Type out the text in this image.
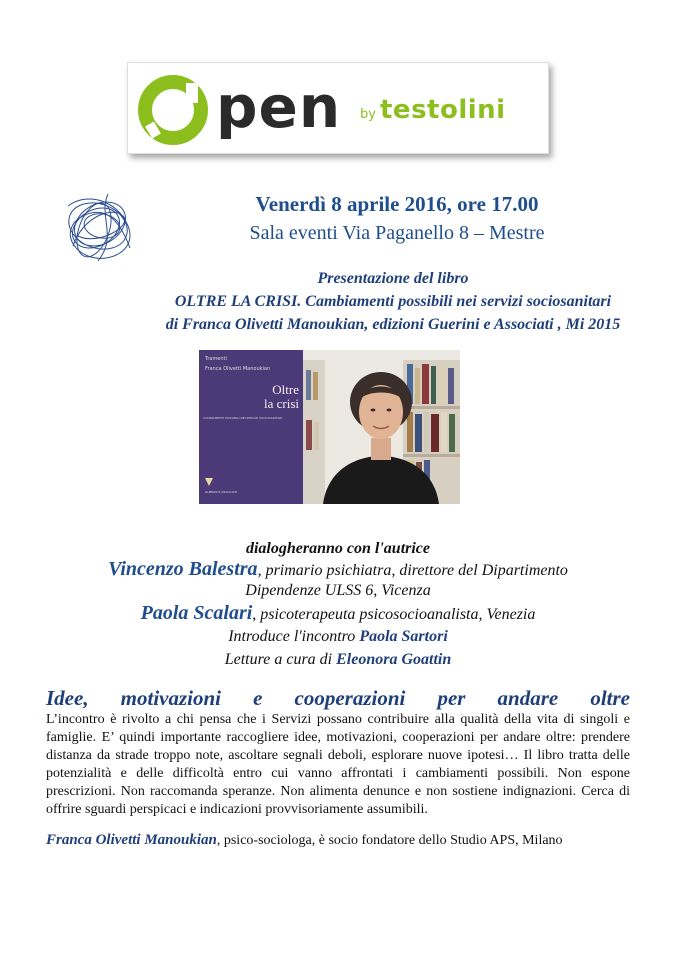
pen by testolini
Venerdì 8 aprile 2016, ore 17.00
Sala eventi Via Paganello 8 – Mestre
Presentazione del libro
OLTRE LA CRISI. Cambiamenti possibili nei servizi sociosanitari
di Franca Olivetti Manoukian, edizioni Guerini e Associati , Mi 2015
Tramenti
Franca Olivetti Manoukian
Oltre
la crisi
CAMBIAMENTI POSSIBILI NEI SERVIZI SOCIOSANITARI
GUERINI E ASSOCIATI
dialogheranno con l'autrice
Vincenzo Balestra, primario psichiatra, direttore del Dipartimento
Dipendenze ULSS 6, Vicenza
Paola Scalari, psicoterapeuta psicosocioanalista, Venezia
Introduce l'incontro Paola Sartori
Letture a cura di Eleonora Goattin
Idee, motivazioni e cooperazioni per andare oltre
L’incontro è rivolto a chi pensa che i Servizi possano contribuire alla qualità della vita di singoli e famiglie. E’ quindi importante raccogliere idee, motivazioni, cooperazioni per andare oltre: prendere distanza da strade troppo note, ascoltare segnali deboli, esplorare nuove ipotesi… Il libro tratta delle potenzialità e delle difficoltà entro cui vanno affrontati i cambiamenti possibili. Non espone prescrizioni. Non raccomanda speranze. Non alimenta denunce e non sostiene indignazioni. Cerca di offrire sguardi perspicaci e indicazioni provvisoriamente assumibili.
Franca Olivetti Manoukian, psico-sociologa, è socio fondatore dello Studio APS, Milano
